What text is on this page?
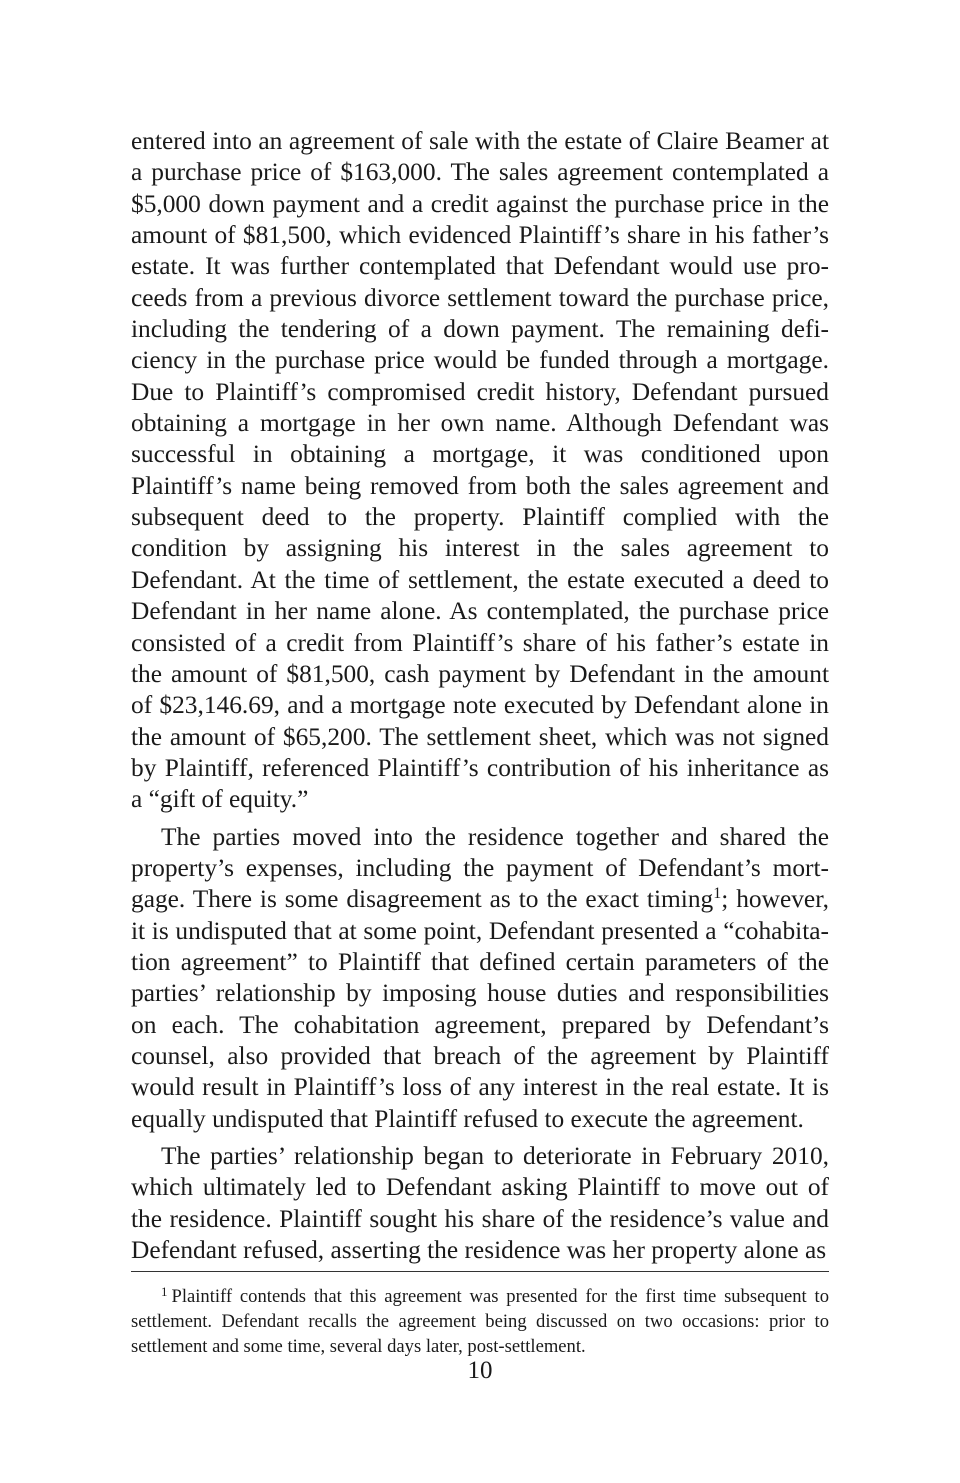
entered into an agreement of sale with the estate of Claire Beamer at a purchase price of $163,000. The sales agreement contemplated a $5,000 down payment and a credit against the purchase price in the amount of $81,500, which evidenced Plaintiff’s share in his father’s estate. It was further contemplated that Defendant would use proceeds from a previous divorce settlement toward the purchase price, including the tendering of a down payment. The remaining deficiency in the purchase price would be funded through a mortgage. Due to Plaintiff’s compromised credit history, Defendant pursued obtaining a mortgage in her own name. Although Defendant was successful in obtaining a mortgage, it was conditioned upon Plaintiff’s name being removed from both the sales agreement and subsequent deed to the property. Plaintiff complied with the condition by assigning his interest in the sales agreement to Defendant. At the time of settlement, the estate executed a deed to Defendant in her name alone. As contemplated, the purchase price consisted of a credit from Plaintiff’s share of his father’s estate in the amount of $81,500, cash payment by Defendant in the amount of $23,146.69, and a mortgage note executed by Defendant alone in the amount of $65,200. The settlement sheet, which was not signed by Plaintiff, referenced Plaintiff’s contribution of his inheritance as a “gift of equity.”

The parties moved into the residence together and shared the property’s expenses, including the payment of Defendant’s mortgage. There is some disagreement as to the exact timing$^1$; however, it is undisputed that at some point, Defendant presented a “cohabitation agreement” to Plaintiff that defined certain parameters of the parties’ relationship by imposing house duties and responsibilities on each. The cohabitation agreement, prepared by Defendant’s counsel, also provided that breach of the agreement by Plaintiff would result in Plaintiff’s loss of any interest in the real estate. It is equally undisputed that Plaintiff refused to execute the agreement.

The parties’ relationship began to deteriorate in February 2010, which ultimately led to Defendant asking Plaintiff to move out of the residence. Plaintiff sought his share of the residence’s value and Defendant refused, asserting the residence was her property alone as

$^1$ Plaintiff contends that this agreement was presented for the first time subsequent to settlement. Defendant recalls the agreement being discussed on two occasions: prior to settlement and some time, several days later, post-settlement.

10
